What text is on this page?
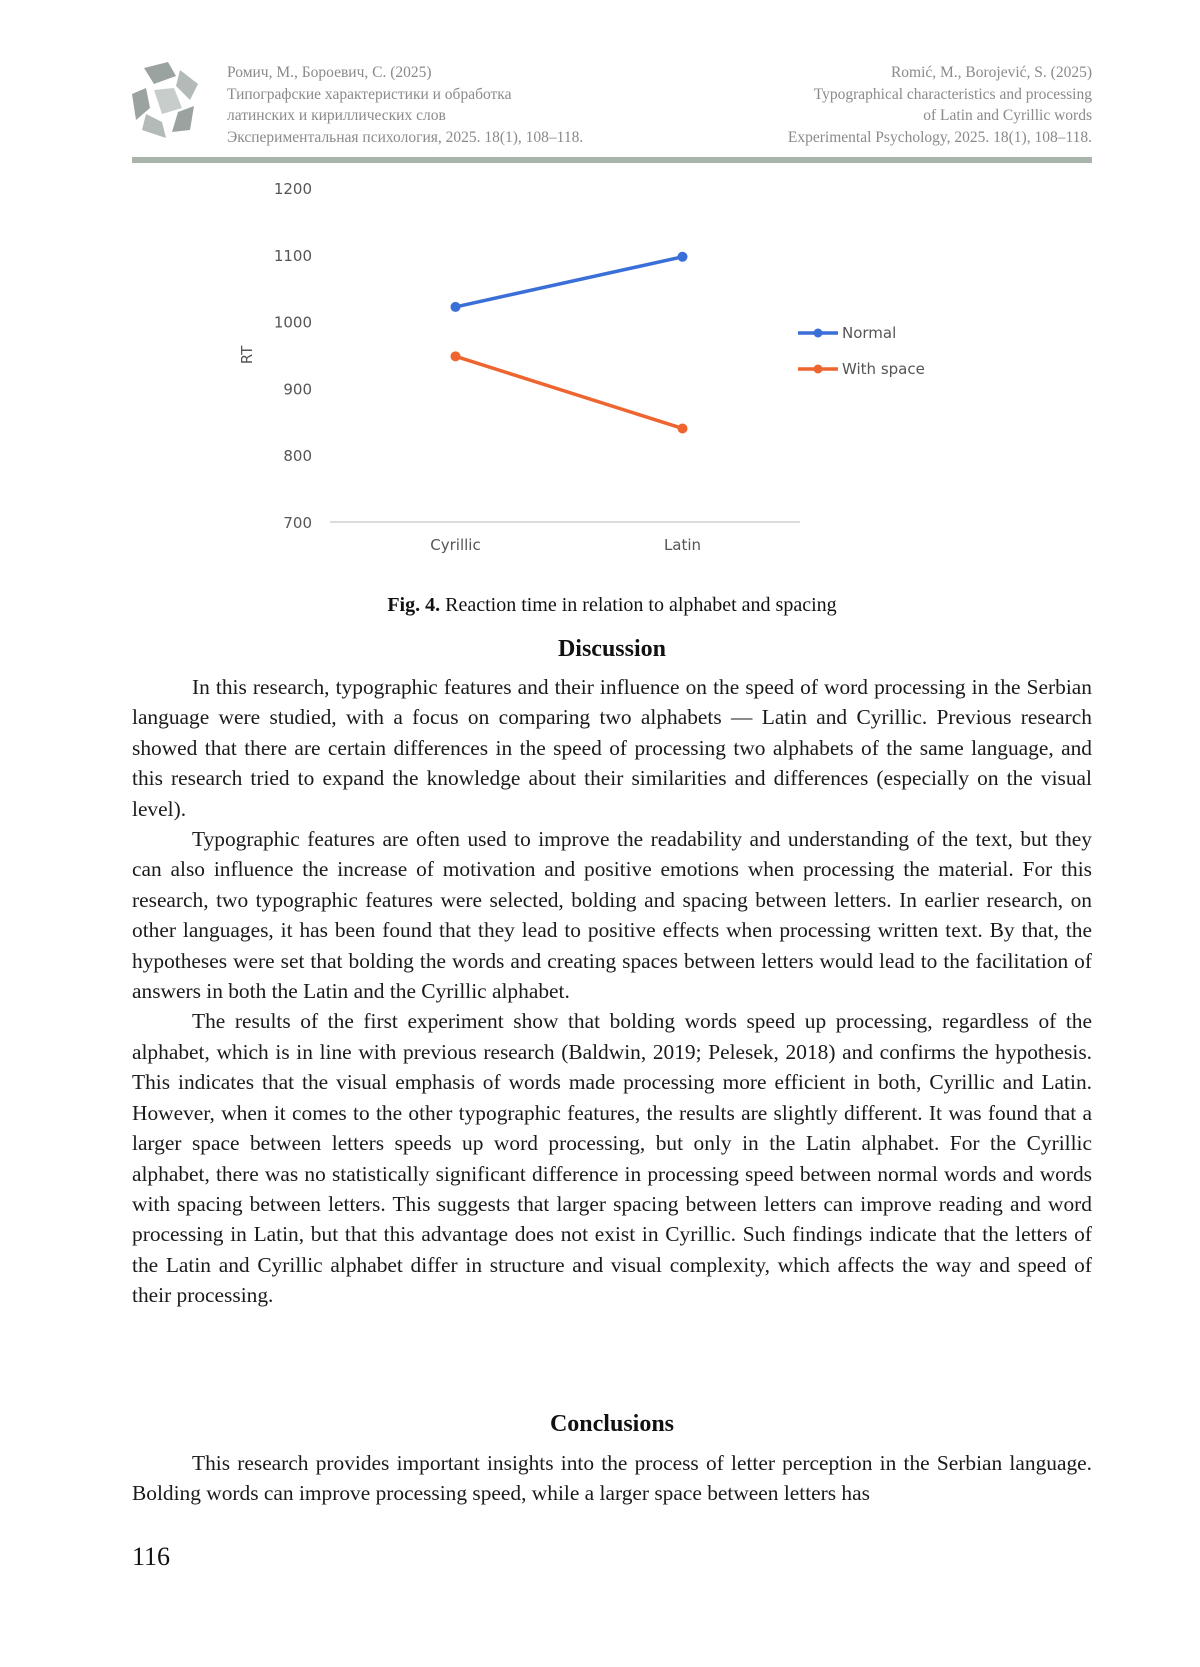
Ромич, М., Бороевич, С. (2025)
Типографские характеристики и обработка
латинских и кириллических слов
Экспериментальная психология, 2025. 18(1), 108–118.
Romić, M., Borojević, S. (2025)
Typographical characteristics and processing
of Latin and Cyrillic words
Experimental Psychology, 2025. 18(1), 108–118.
700
800
900
1000
1100
1200
RT
Cyrillic	Latin
Normal
With space
Fig. 4. Reaction time in relation to alphabet and spacing
Discussion

In this research, typographic features and their influence on the speed of word processing in the Serbian language were studied, with a focus on comparing two alphabets — Latin and Cyrillic. Previous research showed that there are certain differences in the speed of processing two alphabets of the same language, and this research tried to expand the knowledge about their similarities and differences (especially on the visual level).

Typographic features are often used to improve the readability and understanding of the text, but they can also influence the increase of motivation and positive emotions when processing the material. For this research, two typographic features were selected, bolding and spacing between letters. In earlier research, on other languages, it has been found that they lead to positive effects when processing written text. By that, the hypotheses were set that bolding the words and creating spaces between letters would lead to the facilitation of answers in both the Latin and the Cyrillic alphabet.

The results of the first experiment show that bolding words speed up processing, regardless of the alphabet, which is in line with previous research (Baldwin, 2019; Pelesek, 2018) and confirms the hypothesis. This indicates that the visual emphasis of words made processing more efficient in both, Cyrillic and Latin. However, when it comes to the other typographic features, the results are slightly different. It was found that a larger space between letters speeds up word processing, but only in the Latin alphabet. For the Cyrillic alphabet, there was no statistically significant difference in processing speed between normal words and words with spacing between letters. This suggests that larger spacing between letters can improve reading and word processing in Latin, but that this advantage does not exist in Cyrillic. Such findings indicate that the letters of the Latin and Cyrillic alphabet differ in structure and visual complexity, which affects the way and speed of their processing.

Conclusions

This research provides important insights into the process of letter perception in the Serbian language. Bolding words can improve processing speed, while a larger space between letters has

116
